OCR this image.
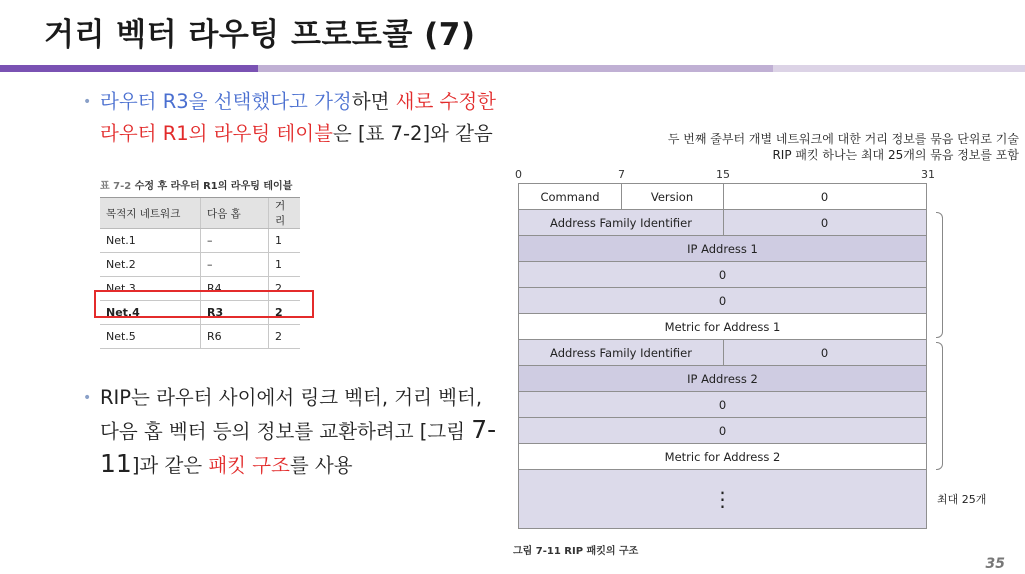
거리 벡터 라우팅 프로토콜 (7)
• 라우터 R3을 선택했다고 가정하면 새로 수정한 라우터 R1의 라우팅 테이블은 [표 7-2]와 같음
표 7-2 수정 후 라우터 R1의 라우팅 테이블
목적지 네트워크	다음 홉	거리
Net.1	–	1
Net.2	–	1
Net.3	R4	2
Net.4	R3	2
Net.5	R6	2
• RIP는 라우터 사이에서 링크 벡터, 거리 벡터, 다음 홉 벡터 등의 정보를 교환하려고 [그림 7-11]과 같은 패킷 구조를 사용
두 번째 줄부터 개별 네트워크에 대한 거리 정보를 묶음 단위로 기술
RIP 패킷 하나는 최대 25개의 묶음 정보를 포함
0	7	15	31
Command	Version	0
Address Family Identifier	0
IP Address 1
0
0
Metric for Address 1
Address Family Identifier	0
IP Address 2
0
0
Metric for Address 2
⋮	최대 25개
그림 7-11 RIP 패킷의 구조
35
